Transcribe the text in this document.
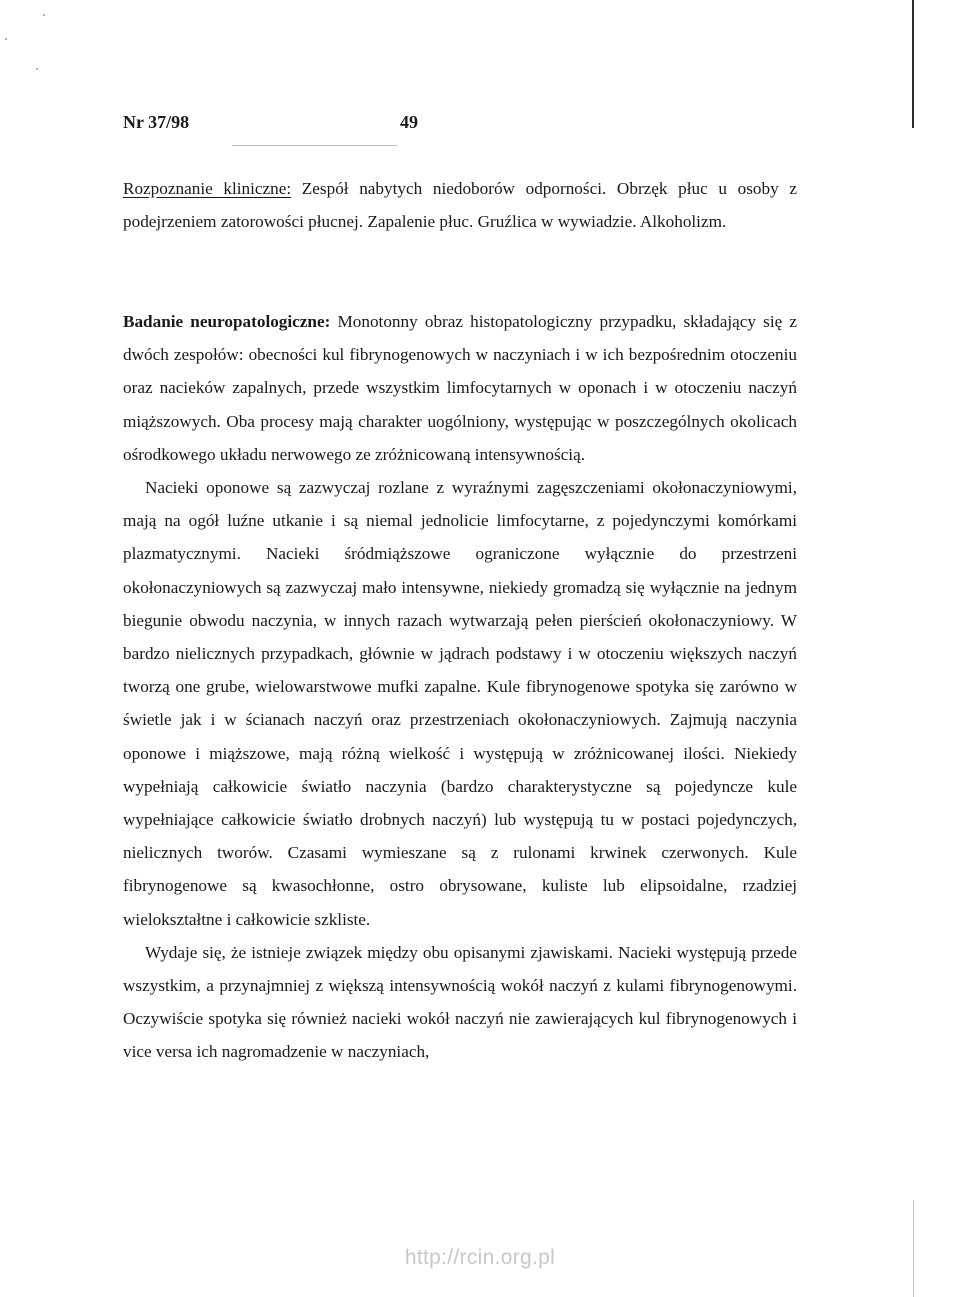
Nr 37/98	49

Rozpoznanie kliniczne: Zespół nabytych niedoborów odporności. Obrzęk płuc u osoby z podejrzeniem zatorowości płucnej. Zapalenie płuc. Gruźlica w wywiadzie. Alkoholizm.

Badanie neuropatologiczne: Monotonny obraz histopatologiczny przypadku, składający się z dwóch zespołów: obecności kul fibrynogenowych w naczyniach i w ich bezpośrednim otoczeniu oraz nacieków zapalnych, przede wszystkim limfocytarnych w oponach i w otoczeniu naczyń miąższowych. Oba procesy mają charakter uogólniony, występując w poszczególnych okolicach ośrodkowego układu nerwowego ze zróżnicowaną intensywnością.

Nacieki oponowe są zazwyczaj rozlane z wyraźnymi zagęszczeniami okołonaczyniowymi, mają na ogół luźne utkanie i są niemal jednolicie limfocytarne, z pojedynczymi komórkami plazmatycznymi. Nacieki śródmiąższowe ograniczone wyłącznie do przestrzeni okołonaczyniowych są zazwyczaj mało intensywne, niekiedy gromadzą się wyłącznie na jednym biegunie obwodu naczynia, w innych razach wytwarzają pełen pierścień okołonaczyniowy. W bardzo nielicznych przypadkach, głównie w jądrach podstawy i w otoczeniu większych naczyń tworzą one grube, wielowarstwowe mufki zapalne. Kule fibrynogenowe spotyka się zarówno w świetle jak i w ścianach naczyń oraz przestrzeniach okołonaczyniowych. Zajmują naczynia oponowe i miąższowe, mają różną wielkość i występują w zróżnicowanej ilości. Niekiedy wypełniają całkowicie światło naczynia (bardzo charakterystyczne są pojedyncze kule wypełniające całkowicie światło drobnych naczyń) lub występują tu w postaci pojedynczych, nielicznych tworów. Czasami wymieszane są z rulonami krwinek czerwonych. Kule fibrynogenowe są kwasochłonne, ostro obrysowane, kuliste lub elipsoidalne, rzadziej wielokształtne i całkowicie szkliste.

Wydaje się, że istnieje związek między obu opisanymi zjawiskami. Nacieki występują przede wszystkim, a przynajmniej z większą intensywnością wokół naczyń z kulami fibrynogenowymi. Oczywiście spotyka się również nacieki wokół naczyń nie zawierających kul fibrynogenowych i vice versa ich nagromadzenie w naczyniach,

http://rcin.org.pl
